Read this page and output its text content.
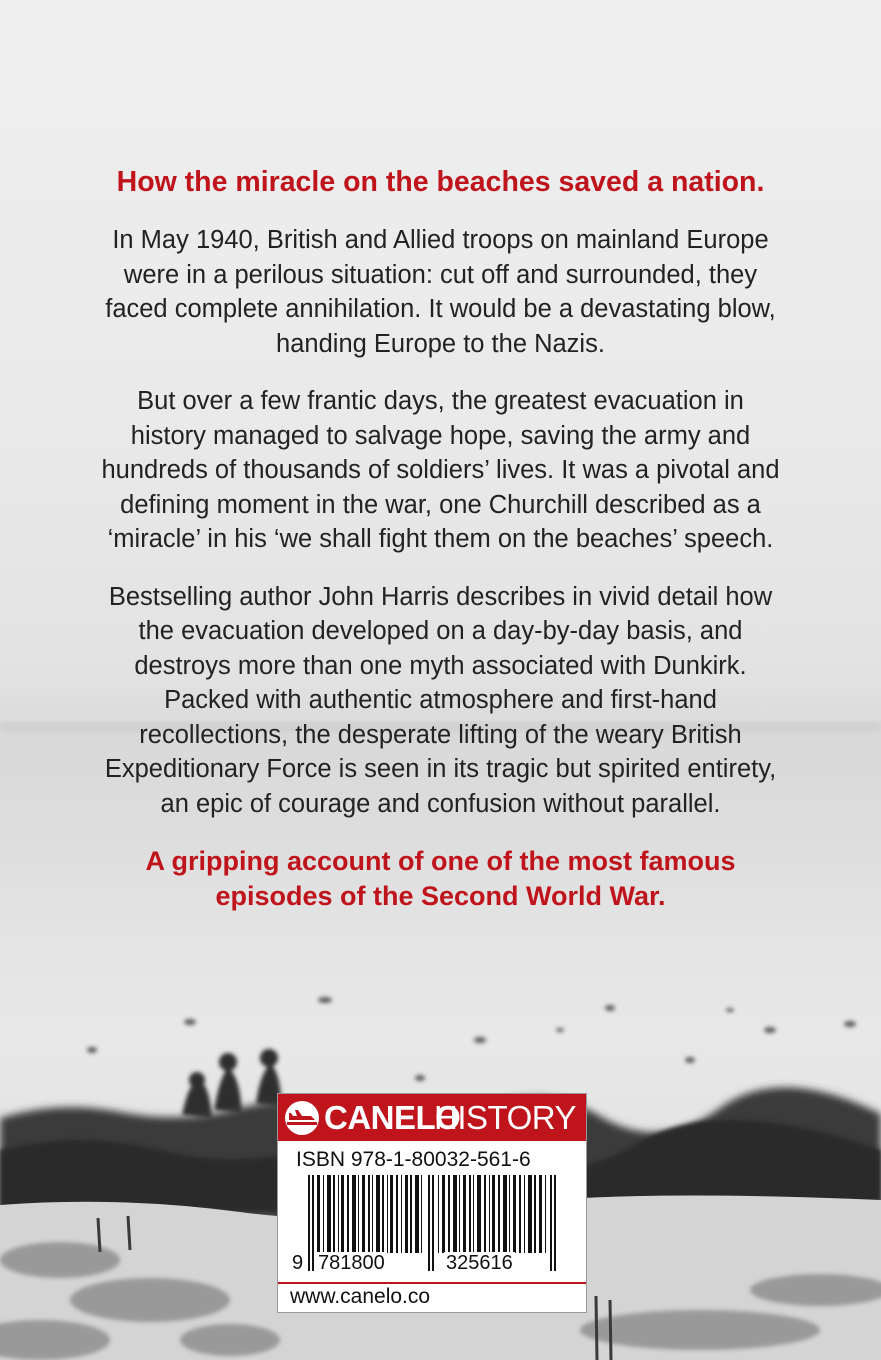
How the miracle on the beaches saved a nation.

In May 1940, British and Allied troops on mainland Europe were in a perilous situation: cut off and surrounded, they faced complete annihilation. It would be a devastating blow, handing Europe to the Nazis.

But over a few frantic days, the greatest evacuation in history managed to salvage hope, saving the army and hundreds of thousands of soldiers’ lives. It was a pivotal and defining moment in the war, one Churchill described as a ‘miracle’ in his ‘we shall fight them on the beaches’ speech.

Bestselling author John Harris describes in vivid detail how the evacuation developed on a day-by-day basis, and destroys more than one myth associated with Dunkirk. Packed with authentic atmosphere and first-hand recollections, the desperate lifting of the weary British Expeditionary Force is seen in its tragic but spirited entirety, an epic of courage and confusion without parallel.

A gripping account of one of the most famous episodes of the Second World War.

CANELO
HISTORY
ISBN 978-1-80032-561-6
9 781800	325616
www.canelo.co
